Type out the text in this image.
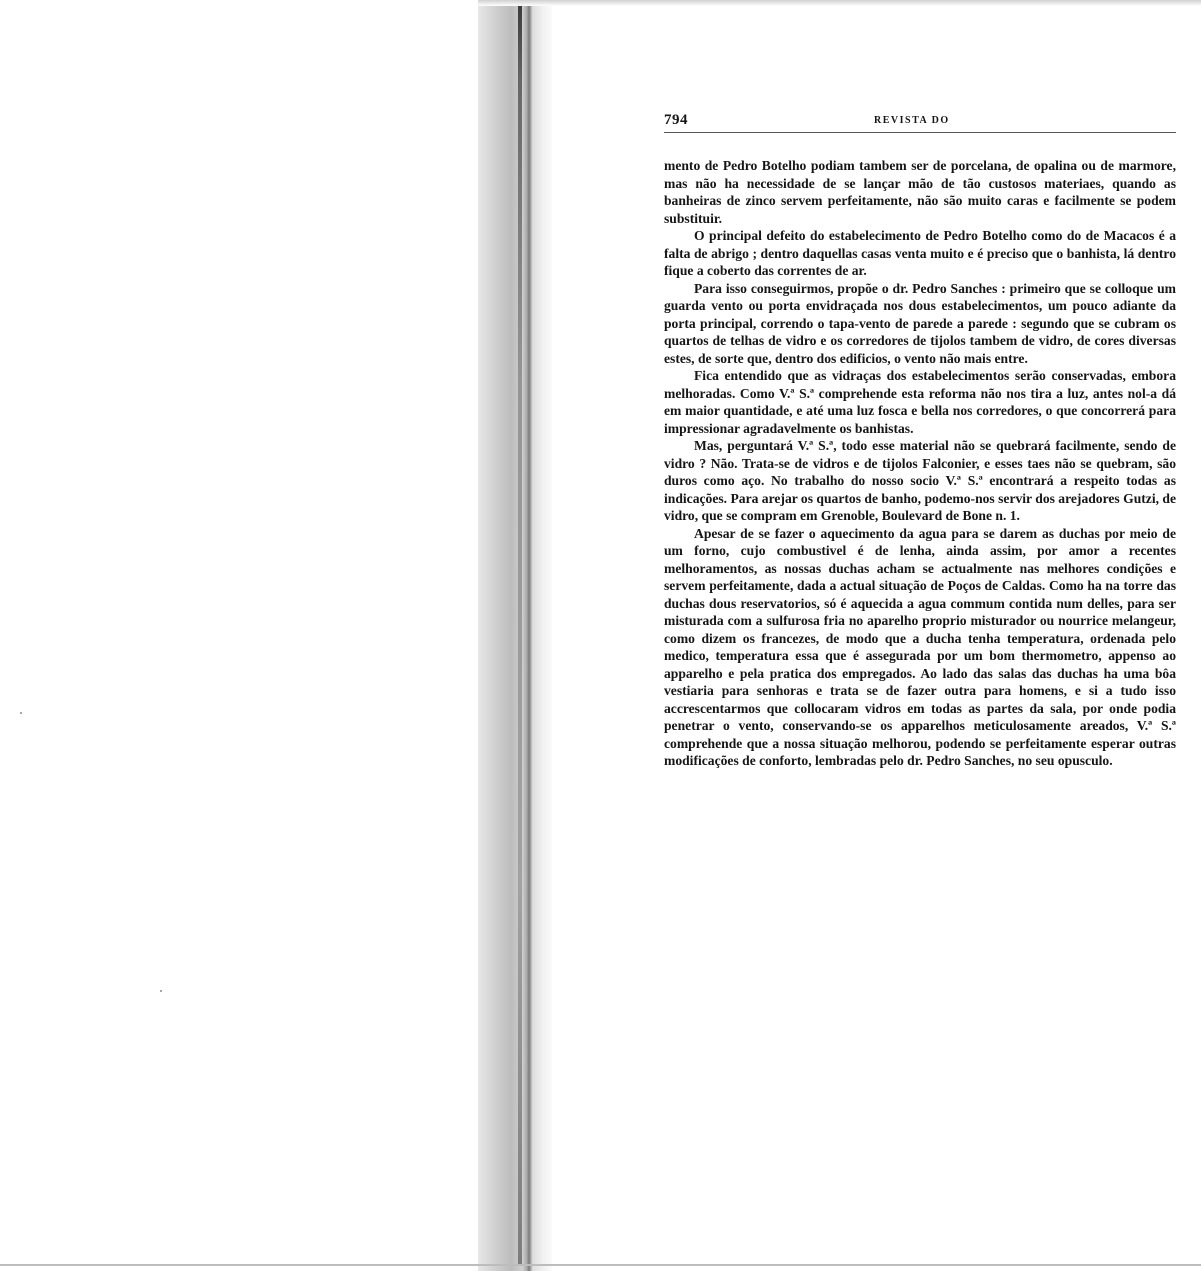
794	REVISTA DO

mento de Pedro Botelho podiam tambem ser de porcelana, de opalina ou de marmore, mas não ha necessidade de se lançar mão de tão custosos materiaes, quando as banheiras de zinco servem perfeitamente, não são muito caras e facilmente se podem substituir.

O principal defeito do estabelecimento de Pedro Botelho como do de Macacos é a falta de abrigo ; dentro daquellas casas venta muito e é preciso que o banhista, lá dentro fique a coberto das correntes de ar.

Para isso conseguirmos, propõe o dr. Pedro Sanches : primeiro que se colloque um guarda vento ou porta envidraçada nos dous estabelecimentos, um pouco adiante da porta principal, correndo o tapa-vento de parede a parede : segundo que se cubram os quartos de telhas de vidro e os corredores de tijolos tambem de vidro, de cores diversas estes, de sorte que, dentro dos edificios, o vento não mais entre.

Fica entendido que as vidraças dos estabelecimentos serão conservadas, embora melhoradas. Como V.ª S.ª comprehende esta reforma não nos tira a luz, antes nol-a dá em maior quantidade, e até uma luz fosca e bella nos corredores, o que concorrerá para impressionar agradavelmente os banhistas.

Mas, perguntará V.ª S.ª, todo esse material não se quebrará facilmente, sendo de vidro ? Não. Trata-se de vidros e de tijolos Falconier, e esses taes não se quebram, são duros como aço. No trabalho do nosso socio V.ª S.ª encontrará a respeito todas as indicações. Para arejar os quartos de banho, podemo-nos servir dos arejadores Gutzi, de vidro, que se compram em Grenoble, Boulevard de Bone n. 1.

Apesar de se fazer o aquecimento da agua para se darem as duchas por meio de um forno, cujo combustivel é de lenha, ainda assim, por amor a recentes melhoramentos, as nossas duchas acham se actualmente nas melhores condições e servem perfeitamente, dada a actual situação de Poços de Caldas. Como ha na torre das duchas dous reservatorios, só é aquecida a agua commum contida num delles, para ser misturada com a sulfurosa fria no aparelho proprio misturador ou nourrice melangeur, como dizem os francezes, de modo que a ducha tenha temperatura, ordenada pelo medico, temperatura essa que é assegurada por um bom thermometro, appenso ao apparelho e pela pratica dos empregados. Ao lado das salas das duchas ha uma bôa vestiaria para senhoras e trata se de fazer outra para homens, e si a tudo isso accrescentarmos que collocaram vidros em todas as partes da sala, por onde podia penetrar o vento, conservando-se os apparelhos meticulosamente areados, V.ª S.ª comprehende que a nossa situação melhorou, podendo se perfeitamente esperar outras modificações de conforto, lembradas pelo dr. Pedro Sanches, no seu opusculo.
